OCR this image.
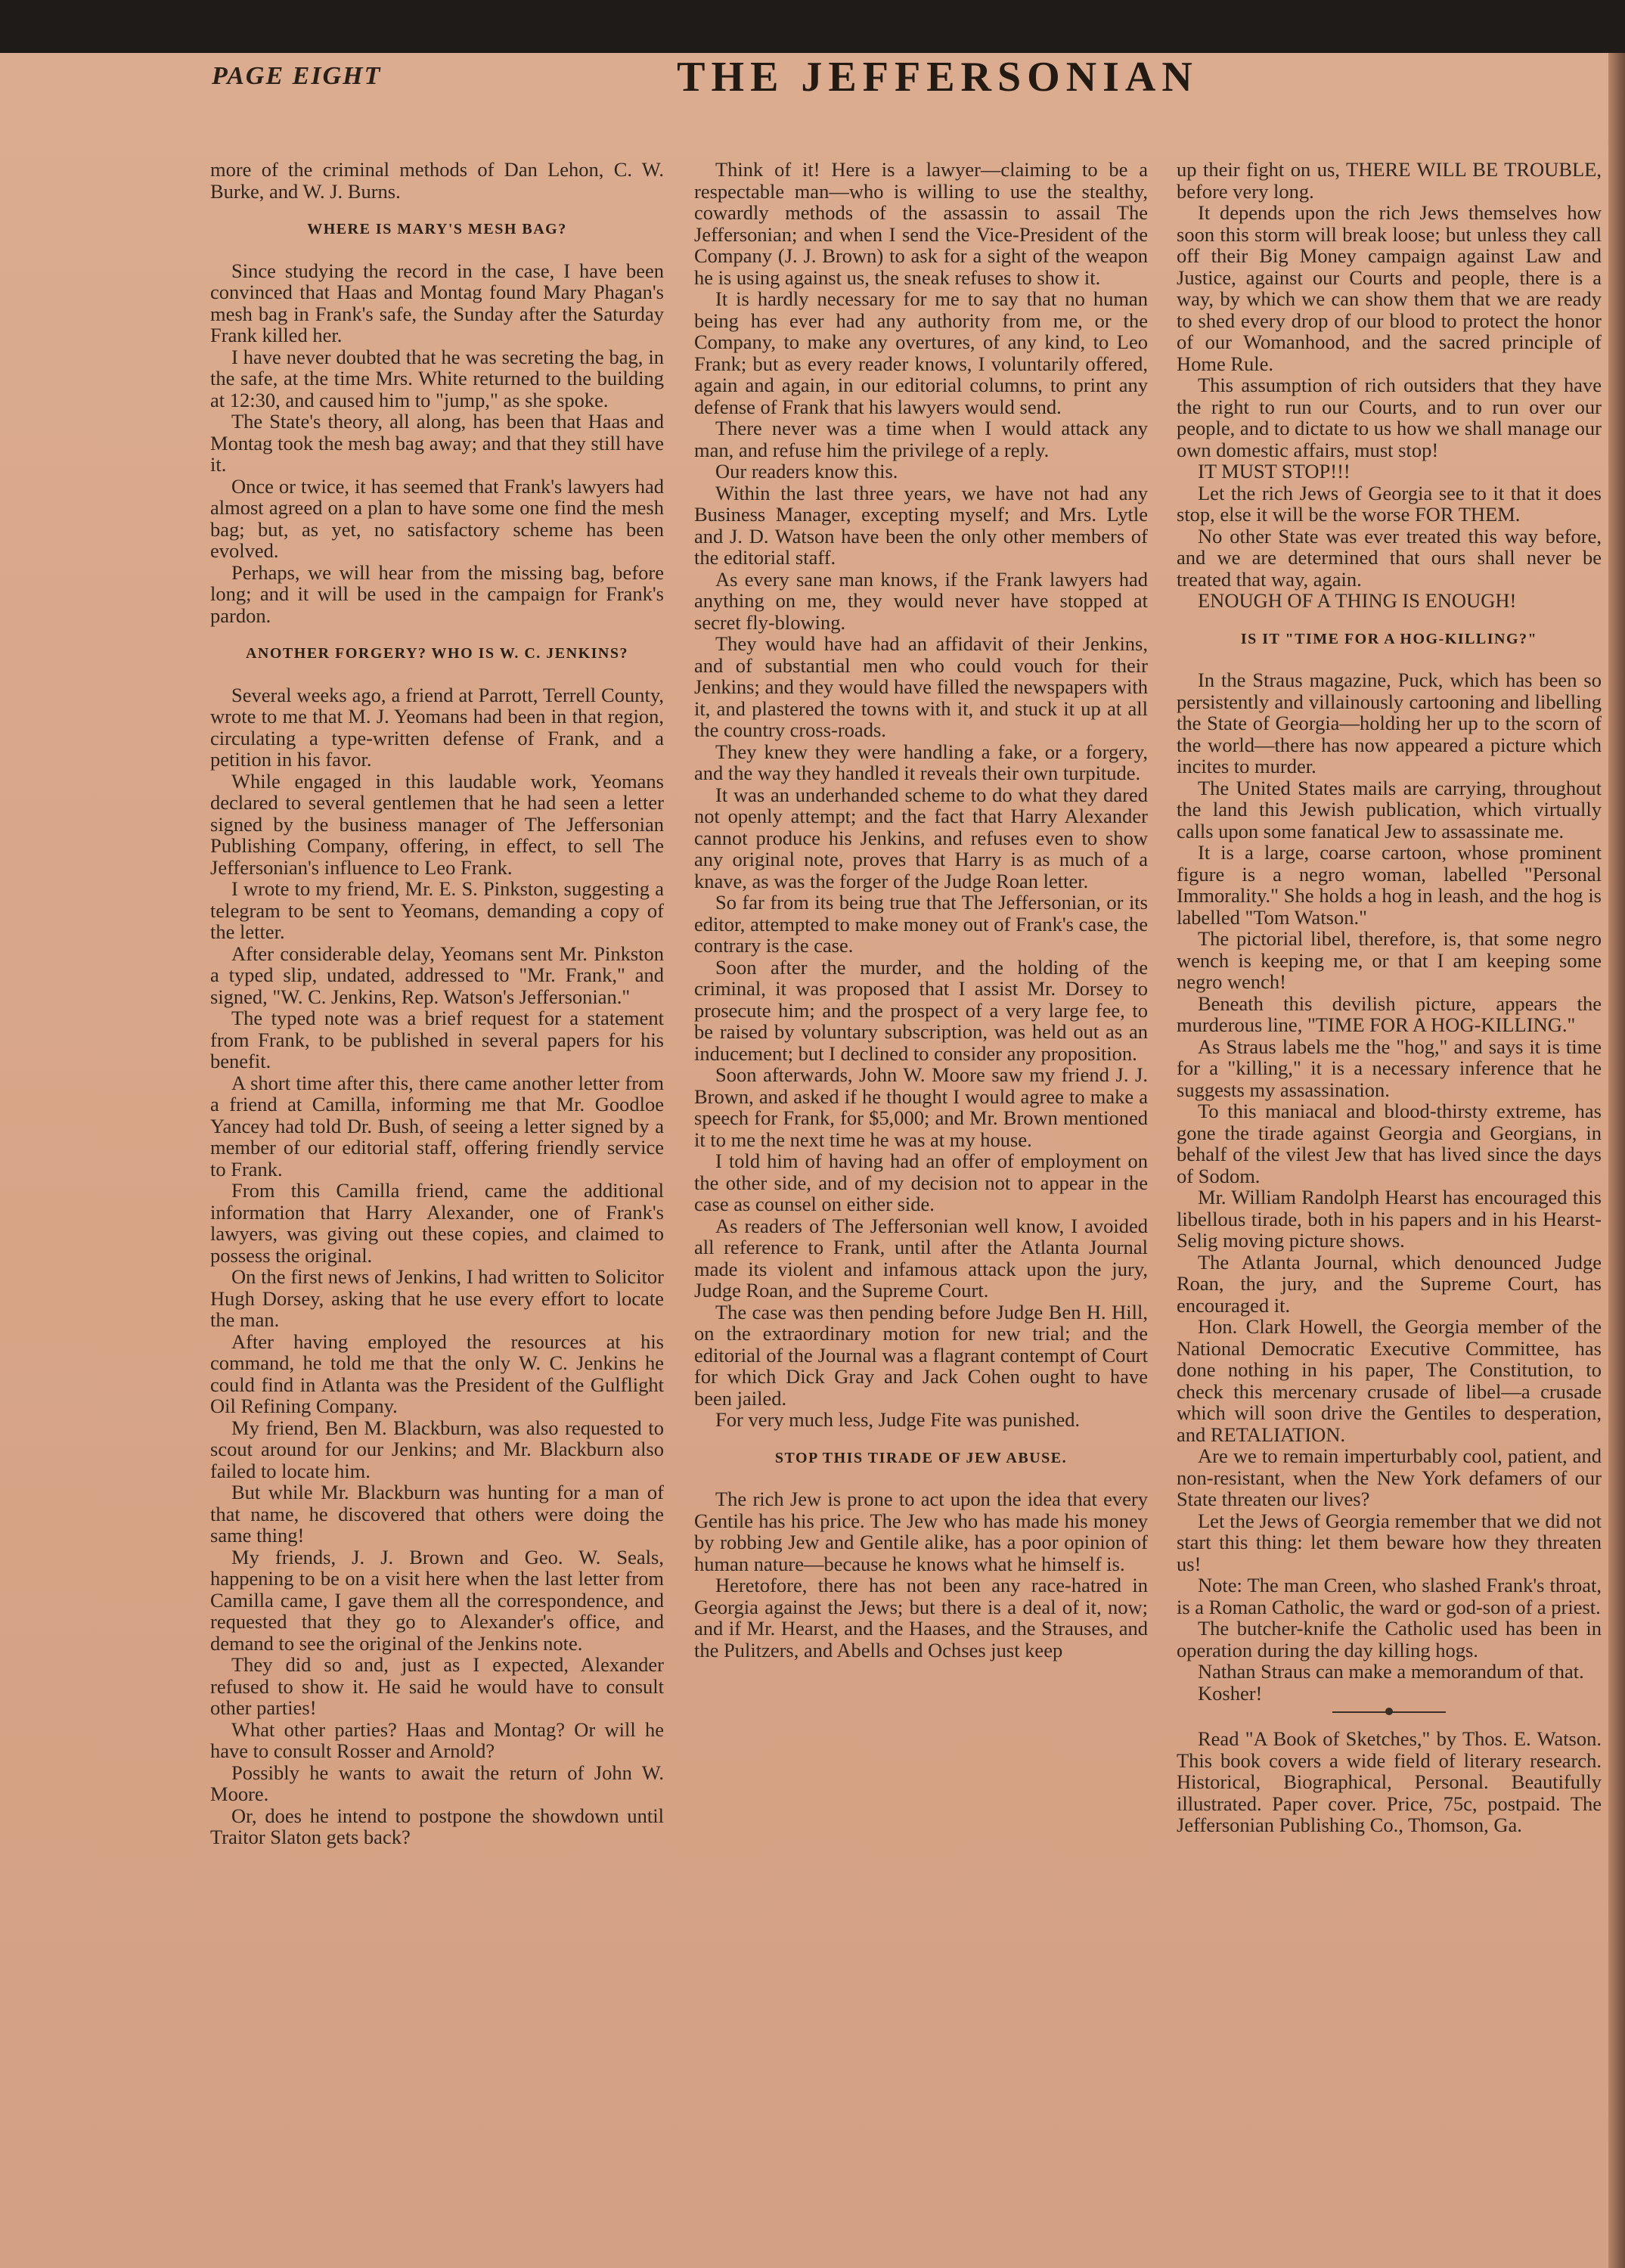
PAGE EIGHT	THE JEFFERSONIAN

more of the criminal methods of Dan Lehon, C. W. Burke, and W. J. Burns.

WHERE IS MARY'S MESH BAG?

Since studying the record in the case, I have been convinced that Haas and Montag found Mary Phagan's mesh bag in Frank's safe, the Sunday after the Saturday Frank killed her.

I have never doubted that he was secreting the bag, in the safe, at the time Mrs. White returned to the building at 12:30, and caused him to "jump," as she spoke.

The State's theory, all along, has been that Haas and Montag took the mesh bag away; and that they still have it.

Once or twice, it has seemed that Frank's lawyers had almost agreed on a plan to have some one find the mesh bag; but, as yet, no satisfactory scheme has been evolved.

Perhaps, we will hear from the missing bag, before long; and it will be used in the campaign for Frank's pardon.

ANOTHER FORGERY? WHO IS W. C. JENKINS?

Several weeks ago, a friend at Parrott, Terrell County, wrote to me that M. J. Yeomans had been in that region, circulating a type-written defense of Frank, and a petition in his favor.

While engaged in this laudable work, Yeomans declared to several gentlemen that he had seen a letter signed by the business manager of The Jeffersonian Publishing Company, offering, in effect, to sell The Jeffersonian's influence to Leo Frank.

I wrote to my friend, Mr. E. S. Pinkston, suggesting a telegram to be sent to Yeomans, demanding a copy of the letter.

After considerable delay, Yeomans sent Mr. Pinkston a typed slip, undated, addressed to "Mr. Frank," and signed, "W. C. Jenkins, Rep. Watson's Jeffersonian."

The typed note was a brief request for a statement from Frank, to be published in several papers for his benefit.

A short time after this, there came another letter from a friend at Camilla, informing me that Mr. Goodloe Yancey had told Dr. Bush, of seeing a letter signed by a member of our editorial staff, offering friendly service to Frank.

From this Camilla friend, came the additional information that Harry Alexander, one of Frank's lawyers, was giving out these copies, and claimed to possess the original.

On the first news of Jenkins, I had written to Solicitor Hugh Dorsey, asking that he use every effort to locate the man.

After having employed the resources at his command, he told me that the only W. C. Jenkins he could find in Atlanta was the President of the Gulflight Oil Refining Company.

My friend, Ben M. Blackburn, was also requested to scout around for our Jenkins; and Mr. Blackburn also failed to locate him.

But while Mr. Blackburn was hunting for a man of that name, he discovered that others were doing the same thing!

My friends, J. J. Brown and Geo. W. Seals, happening to be on a visit here when the last letter from Camilla came, I gave them all the correspondence, and requested that they go to Alexander's office, and demand to see the original of the Jenkins note.

They did so and, just as I expected, Alexander refused to show it. He said he would have to consult other parties!

What other parties? Haas and Montag? Or will he have to consult Rosser and Arnold?

Possibly he wants to await the return of John W. Moore.

Or, does he intend to postpone the showdown until Traitor Slaton gets back?

Think of it! Here is a lawyer—claiming to be a respectable man—who is willing to use the stealthy, cowardly methods of the assassin to assail The Jeffersonian; and when I send the Vice-President of the Company (J. J. Brown) to ask for a sight of the weapon he is using against us, the sneak refuses to show it.

It is hardly necessary for me to say that no human being has ever had any authority from me, or the Company, to make any overtures, of any kind, to Leo Frank; but as every reader knows, I voluntarily offered, again and again, in our editorial columns, to print any defense of Frank that his lawyers would send.

There never was a time when I would attack any man, and refuse him the privilege of a reply.

Our readers know this.

Within the last three years, we have not had any Business Manager, excepting myself; and Mrs. Lytle and J. D. Watson have been the only other members of the editorial staff.

As every sane man knows, if the Frank lawyers had anything on me, they would never have stopped at secret fly-blowing.

They would have had an affidavit of their Jenkins, and of substantial men who could vouch for their Jenkins; and they would have filled the newspapers with it, and plastered the towns with it, and stuck it up at all the country cross-roads.

They knew they were handling a fake, or a forgery, and the way they handled it reveals their own turpitude.

It was an underhanded scheme to do what they dared not openly attempt; and the fact that Harry Alexander cannot produce his Jenkins, and refuses even to show any original note, proves that Harry is as much of a knave, as was the forger of the Judge Roan letter.

So far from its being true that The Jeffersonian, or its editor, attempted to make money out of Frank's case, the contrary is the case.

Soon after the murder, and the holding of the criminal, it was proposed that I assist Mr. Dorsey to prosecute him; and the prospect of a very large fee, to be raised by voluntary subscription, was held out as an inducement; but I declined to consider any proposition.

Soon afterwards, John W. Moore saw my friend J. J. Brown, and asked if he thought I would agree to make a speech for Frank, for $5,000; and Mr. Brown mentioned it to me the next time he was at my house.

I told him of having had an offer of employment on the other side, and of my decision not to appear in the case as counsel on either side.

As readers of The Jeffersonian well know, I avoided all reference to Frank, until after the Atlanta Journal made its violent and infamous attack upon the jury, Judge Roan, and the Supreme Court.

The case was then pending before Judge Ben H. Hill, on the extraordinary motion for new trial; and the editorial of the Journal was a flagrant contempt of Court for which Dick Gray and Jack Cohen ought to have been jailed.

For very much less, Judge Fite was punished.

STOP THIS TIRADE OF JEW ABUSE.

The rich Jew is prone to act upon the idea that every Gentile has his price. The Jew who has made his money by robbing Jew and Gentile alike, has a poor opinion of human nature—because he knows what he himself is.

Heretofore, there has not been any race-hatred in Georgia against the Jews; but there is a deal of it, now; and if Mr. Hearst, and the Haases, and the Strauses, and the Pulitzers, and Abells and Ochses just keep

up their fight on us, THERE WILL BE TROUBLE, before very long.

It depends upon the rich Jews themselves how soon this storm will break loose; but unless they call off their Big Money campaign against Law and Justice, against our Courts and people, there is a way, by which we can show them that we are ready to shed every drop of our blood to protect the honor of our Womanhood, and the sacred principle of Home Rule.

This assumption of rich outsiders that they have the right to run our Courts, and to run over our people, and to dictate to us how we shall manage our own domestic affairs, must stop!

IT MUST STOP!!!

Let the rich Jews of Georgia see to it that it does stop, else it will be the worse FOR THEM.

No other State was ever treated this way before, and we are determined that ours shall never be treated that way, again.

ENOUGH OF A THING IS ENOUGH!

IS IT "TIME FOR A HOG-KILLING?"

In the Straus magazine, Puck, which has been so persistently and villainously cartooning and libelling the State of Georgia—holding her up to the scorn of the world—there has now appeared a picture which incites to murder.

The United States mails are carrying, throughout the land this Jewish publication, which virtually calls upon some fanatical Jew to assassinate me.

It is a large, coarse cartoon, whose prominent figure is a negro woman, labelled "Personal Immorality." She holds a hog in leash, and the hog is labelled "Tom Watson."

The pictorial libel, therefore, is, that some negro wench is keeping me, or that I am keeping some negro wench!

Beneath this devilish picture, appears the murderous line, "TIME FOR A HOG-KILLING."

As Straus labels me the "hog," and says it is time for a "killing," it is a necessary inference that he suggests my assassination.

To this maniacal and blood-thirsty extreme, has gone the tirade against Georgia and Georgians, in behalf of the vilest Jew that has lived since the days of Sodom.

Mr. William Randolph Hearst has encouraged this libellous tirade, both in his papers and in his Hearst-Selig moving picture shows.

The Atlanta Journal, which denounced Judge Roan, the jury, and the Supreme Court, has encouraged it.

Hon. Clark Howell, the Georgia member of the National Democratic Executive Committee, has done nothing in his paper, The Constitution, to check this mercenary crusade of libel—a crusade which will soon drive the Gentiles to desperation, and RETALIATION.

Are we to remain imperturbably cool, patient, and non-resistant, when the New York defamers of our State threaten our lives?

Let the Jews of Georgia remember that we did not start this thing: let them beware how they threaten us!

Note: The man Creen, who slashed Frank's throat, is a Roman Catholic, the ward or god-son of a priest.

The butcher-knife the Catholic used has been in operation during the day killing hogs.

Nathan Straus can make a memorandum of that.

Kosher!

Read "A Book of Sketches," by Thos. E. Watson. This book covers a wide field of literary research. Historical, Biographical, Personal. Beautifully illustrated. Paper cover. Price, 75c, postpaid. The Jeffersonian Publishing Co., Thomson, Ga.
